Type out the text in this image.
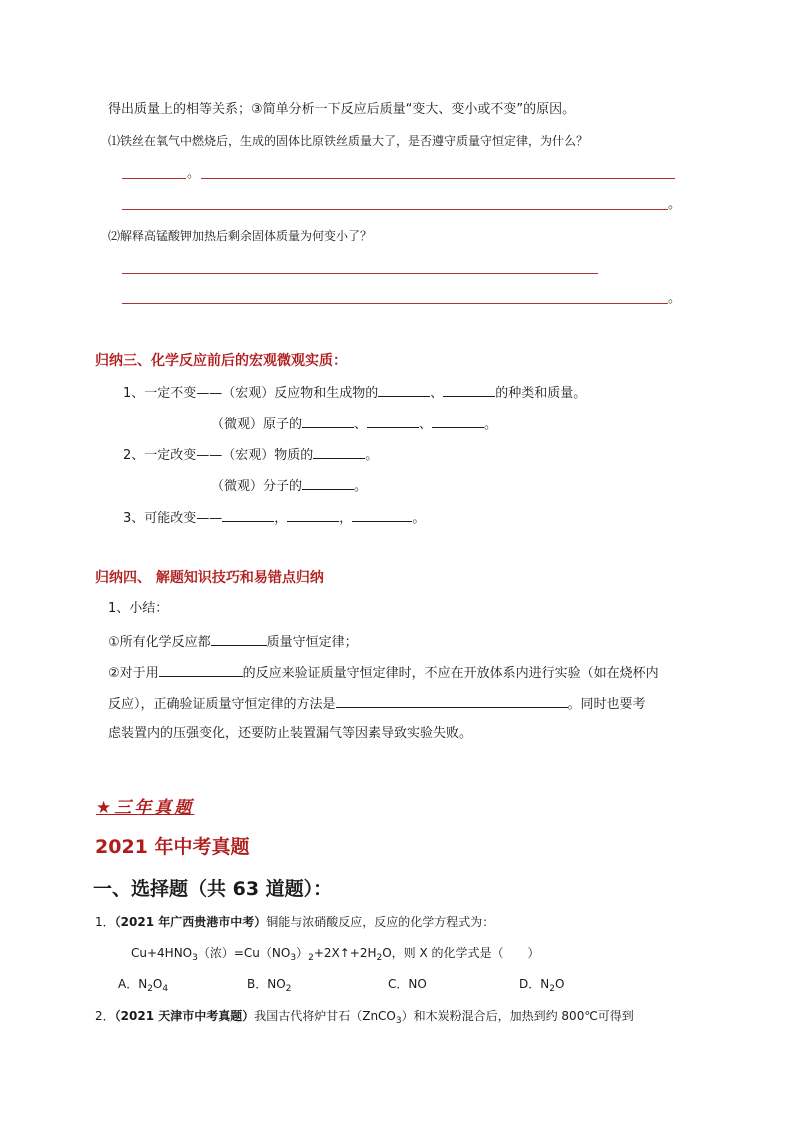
得出质量上的相等关系；③简单分析一下反应后质量“变大、变小或不变”的原因。
⑴铁丝在氧气中燃烧后，生成的固体比原铁丝质量大了，是否遵守质量守恒定律，为什么？
。
。
⑵解释高锰酸钾加热后剩余固体质量为何变小了？
。
归纳三、化学反应前后的宏观微观实质：
1、一定不变——（宏观）反应物和生成物的	、	的种类和质量。
（微观）原子的	、	、	。
2、一定改变——（宏观）物质的	。
（微观）分子的	。
3、可能改变——	，	，	。
归纳四、 解题知识技巧和易错点归纳
1、小结：
①所有化学反应都	质量守恒定律；
②对于用	的反应来验证质量守恒定律时，不应在开放体系内进行实验（如在烧杯内
反应），正确验证质量守恒定律的方法是	。同时也要考
虑装置内的压强变化，还要防止装置漏气等因素导致实验失败。
★三年真题
2021 年中考真题
一、选择题（共 63 道题）：
1．（2021 年广西贵港市中考）铜能与浓硝酸反应，反应的化学方程式为：
$Cu+4HNO_3$（浓）$=Cu(NO_3)_2+2X↑+2H_2O$，则 X 的化学式是（　　）
A．$N_2O_4$	B．$NO_2$	C．NO	D．$N_2O$
2．（2021 天津市中考真题）我国古代将炉甘石（ZnCO$_3$）和木炭粉混合后，加热到约 800℃可得到
